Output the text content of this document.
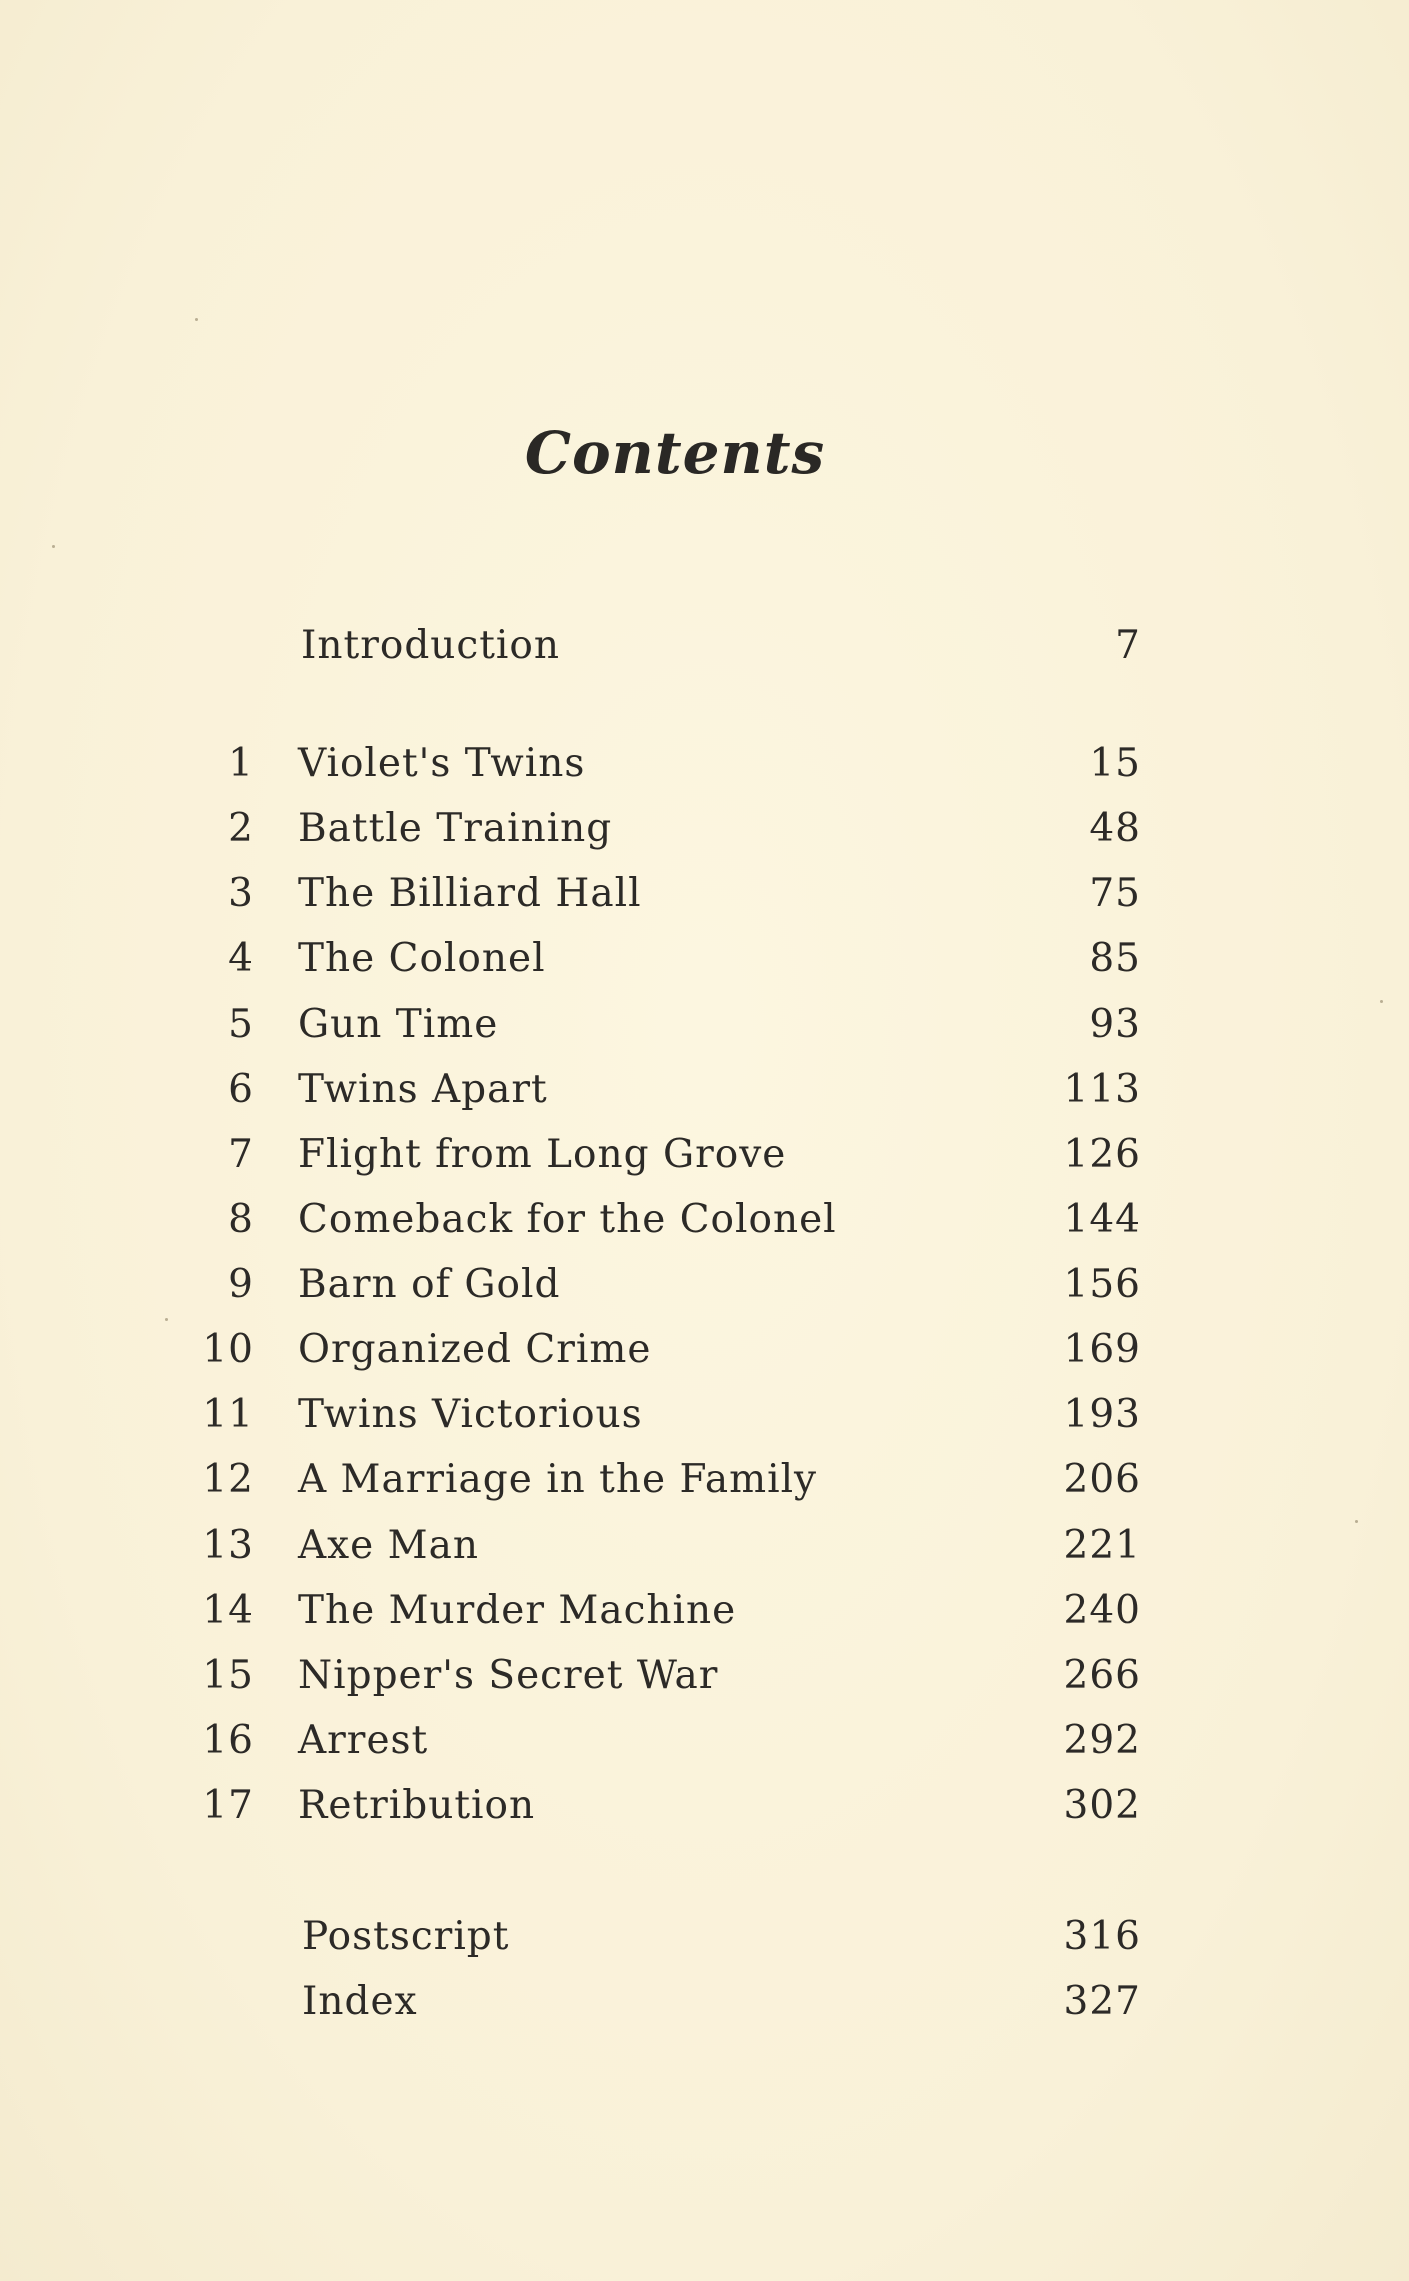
Contents
Introduction	7
1 Violet's Twins	15
2 Battle Training	48
3 The Billiard Hall	75
4 The Colonel	85
5 Gun Time	93
6 Twins Apart	113
7 Flight from Long Grove	126
8 Comeback for the Colonel	144
9 Barn of Gold	156
10 Organized Crime	169
11 Twins Victorious	193
12 A Marriage in the Family	206
13 Axe Man	221
14 The Murder Machine	240
15 Nipper's Secret War	266
16 Arrest	292
17 Retribution	302
Postscript	316
Index	327
